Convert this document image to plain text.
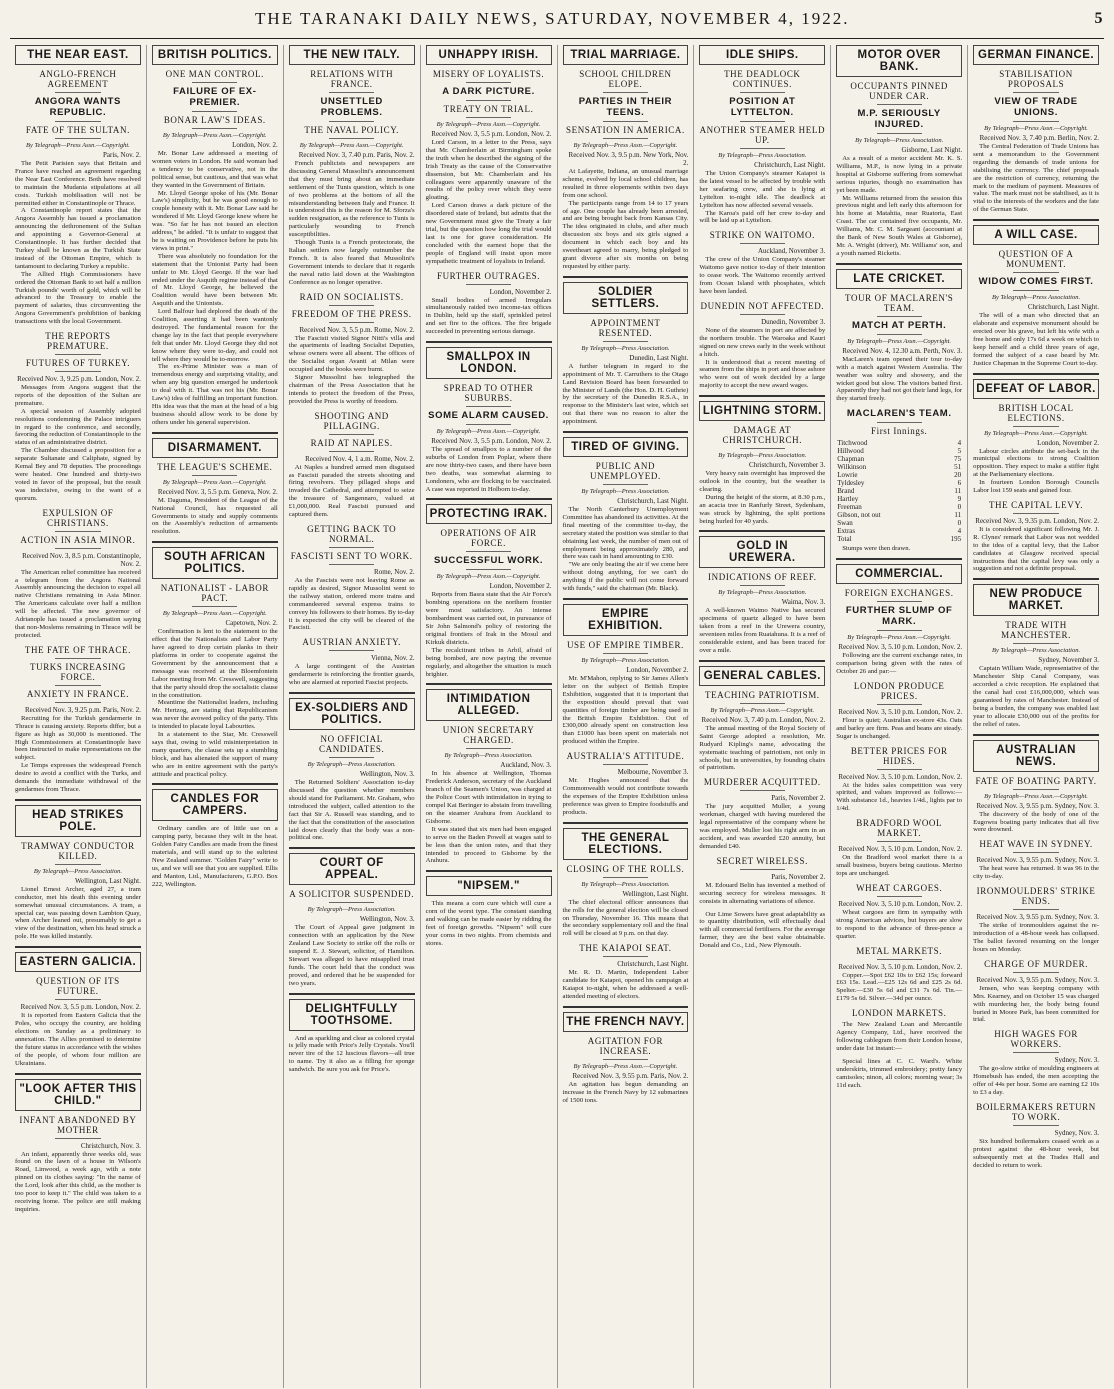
THE TARANAKI DAILY NEWS, SATURDAY, NOVEMBER 4, 1922.	5
THE NEAR EAST.
ANGLO-FRENCH AGREEMENT
ANGORA WANTS REPUBLIC.
FATE OF THE SULTAN.
By Telegraph—Press Assn.—Copyright.
Paris, Nov. 2.

The Petit Parisien says that Britain and France have reached an agreement regarding the Near East Conference. Both have resolved to maintain the Mudania stipulations at all costs. Turkish mobilisation will not be permitted either in Constantinople or Thrace.

A Constantinople report states that the Angora Assembly has issued a proclamation announcing the dethronement of the Sultan and appointing a Governor-General at Constantinople. It has further decided that Turkey shall be known as the Turkish State instead of the Ottoman Empire, which is tantamount to declaring Turkey a republic.

The Allied High Commissioners have ordered the Ottoman Bank to set half a million Turkish pounds' worth of gold, which will be advanced to the Treasury to enable the payment of salaries, thus circumventing the Angora Government's prohibition of banking transactions with the local Government.

THE REPORTS PREMATURE.
FUTURES OF TURKEY.
Received Nov. 3, 9.25 p.m. London, Nov. 2.

Messages from Angora suggest that the reports of the deposition of the Sultan are premature.

A special session of Assembly adopted resolutions condemning the Palace intriguers in regard to the conference, and secondly, favoring the reduction of Constantinople to the status of an administrative district.

The Chamber discussed a proposition for a separate Sultanate and Caliphate, signed by Kemal Bey and 78 deputies. The proceedings were heated. One hundred and thirty-two voted in favor of the proposal, but the result was indecisive, owing to the want of a quorum.

EXPULSION OF CHRISTIANS.
ACTION IN ASIA MINOR.
Received Nov. 3, 8.5 p.m. Constantinople, Nov. 2.

The American relief committee has received a telegram from the Angora National Assembly announcing the decision to expel all native Christians remaining in Asia Minor. The Americans calculate over half a million will be affected. The new governor of Adrianople has issued a proclamation saying that non-Moslems remaining in Thrace will be protected.

THE FATE OF THRACE.
TURKS INCREASING FORCE.
ANXIETY IN FRANCE.
Received Nov. 3, 9.25 p.m. Paris, Nov. 2.

Recruiting for the Turkish gendarmerie in Thrace is causing anxiety. Reports differ, but a figure as high as 30,000 is mentioned. The High Commissioners at Constantinople have been instructed to make representations on the subject.

Le Temps expresses the widespread French desire to avoid a conflict with the Turks, and demands the immediate withdrawal of the gendarmes from Thrace.

HEAD STRIKES POLE.
TRAMWAY CONDUCTOR KILLED.
By Telegraph—Press Association.
Wellington, Last Night.

Lionel Ernest Archer, aged 27, a tram conductor, met his death this evening under somewhat unusual circumstances. A tram, a special car, was passing down Lambton Quay, when Archer leaned out, presumably to get a view of the destination, when his head struck a pole. He was killed instantly.

EASTERN GALICIA.
QUESTION OF ITS FUTURE.
Received Nov. 3, 5.5 p.m. London, Nov. 2.

It is reported from Eastern Galicia that the Poles, who occupy the country, are holding elections on Sunday as a preliminary to annexation. The Allies promised to determine the future status in accordance with the wishes of the people, of whom four million are Ukrainians.

"LOOK AFTER THIS CHILD."
INFANT ABANDONED BY MOTHER
Christchurch, Nov. 3.

An infant, apparently three weeks old, was found on the lawn of a house in Wilson's Road, Linwood, a week ago, with a note pinned on its clothes saying: "In the name of the Lord, look after this child, as the mother is too poor to keep it." The child was taken to a receiving home. The police are still making inquiries.

BRITISH POLITICS.
ONE MAN CONTROL.
FAILURE OF EX-PREMIER.
BONAR LAW'S IDEAS.
By Telegraph—Press Assn.—Copyright.
London, Nov. 2.

Mr. Bonar Law addressed a meeting of women voters in London. He said woman had a tendency to be conservative, not in the political sense, but cautious, and that was what they wanted in the Government of Britain.

Mr. Lloyd George spoke of his (Mr. Bonar Law's) simplicity, but he was good enough to couple honesty with it. Mr. Bonar Law said he wondered if Mr. Lloyd George knew where he was. "So far he has not issued an election address," he added. "It is unfair to suggest that he is waiting on Providence before he puts his views in print."

There was absolutely no foundation for the statement that the Unionist Party had been unfair to Mr. Lloyd George. If the war had ended under the Asquith regime instead of that of Mr. Lloyd George, he believed the Coalition would have been between Mr. Asquith and the Unionists.

Lord Balfour had deplored the death of the Coalition, asserting it had been wantonly destroyed. The fundamental reason for the change lay in the fact that people everywhere felt that under Mr. Lloyd George they did not know where they were to-day, and could not tell where they would be to-morrow.

The ex-Prime Minister was a man of tremendous energy and surprising vitality, and when any big question emerged he undertook to deal with it. That was not his (Mr. Bonar Law's) idea of fulfilling an important function. His idea was that the man at the head of a big business should allow work to be done by others under his general supervision.

DISARMAMENT.
THE LEAGUE'S SCHEME.
By Telegraph—Press Assn.—Copyright.
Received Nov. 3, 5.5 p.m. Geneva, Nov. 2.

M. Daguma, President of the League of the National Council, has requested all Governments to study and supply comments on the Assembly's reduction of armaments resolution.

SOUTH AFRICAN POLITICS.
NATIONALIST - LABOR PACT.
By Telegraph—Press Assn.—Copyright.
Capetown, Nov. 2.

Confirmation is lent to the statement to the effect that the Nationalists and Labor Party have agreed to drop certain planks in their platforms in order to cooperate against the Government by the announcement that a message was received at the Bloemfontein Labor meeting from Mr. Cresswell, suggesting that the party should drop the socialistic clause in the constitution.

Meantime the Nationalist leaders, including Mr. Hertzog, are stating that Republicanism was never the avowed policy of the party. This is intended to placate loyal Labourites.

In a statement to the Star, Mr. Cresswell says that, owing to wild misinterpretation in many quarters, the clause sets up a stumbling block, and has alienated the support of many who are in entire agreement with the party's attitude and practical policy.

CANDLES FOR CAMPERS.

Ordinary candles are of little use on a camping party, because they wilt in the heat. Golden Fairy Candles are made from the finest materials, and will stand up to the sultriest New Zealand summer. "Golden Fairy" write to us, and we will see that you are supplied. Ellis and Manton, Ltd., Manufacturers, G.P.O. Box 222, Wellington.

THE NEW ITALY.
RELATIONS WITH FRANCE.
UNSETTLED PROBLEMS.
THE NAVAL POLICY.
By Telegraph—Press Assn.—Copyright.
Received Nov. 3, 7.40 p.m. Paris, Nov. 2.

French publicists and newspapers are discussing General Mussolini's announcement that they must bring about an immediate settlement of the Tunis question, which is one of two problems at the bottom of all the misunderstanding between Italy and France. It is understood this is the reason for M. Sforza's sudden resignation, as the reference to Tunis is particularly wounding to French susceptibilities.

Though Tunis is a French protectorate, the Italian settlers now largely outnumber the French. It is also feared that Mussolini's Government intends to declare that it regards the naval ratio laid down at the Washington Conference as no longer operative.

RAID ON SOCIALISTS.
FREEDOM OF THE PRESS.
Received Nov. 3, 5.5 p.m. Rome, Nov. 2.

The Fascisti visited Signor Nitti's villa and the apartments of leading Socialist Deputies, whose owners were all absent. The offices of the Socialist organ Avanti at Milan were occupied and the books were burnt.

Signor Mussolini has telegraphed the chairman of the Press Association that he intends to protect the freedom of the Press, provided the Press is worthy of freedom.

SHOOTING AND PILLAGING.
RAID AT NAPLES.
Received Nov. 4, 1 a.m. Rome, Nov. 2.

At Naples a hundred armed men disguised as Fascisti paraded the streets shooting and firing revolvers. They pillaged shops and invaded the Cathedral, and attempted to seize the treasure of Sangennaro, valued at £1,000,000. Real Fascisti pursued and captured them.

GETTING BACK TO NORMAL.
FASCISTI SENT TO WORK.
Rome, Nov. 2.

As the Fascists were not leaving Rome as rapidly as desired, Signor Mussolini went to the railway station, ordered more trains and commandeered several express trains to convey his followers to their homes. By to-day it is expected the city will be cleared of the Fascisti.

AUSTRIAN ANXIETY.
Vienna, Nov. 2.

A large contingent of the Austrian gendarmerie is reinforcing the frontier guards, who are alarmed at reported Fascist projects.

EX-SOLDIERS AND POLITICS.
NO OFFICIAL CANDIDATES.
By Telegraph—Press Association.
Wellington, Nov. 3.

The Returned Soldiers' Association to-day discussed the question whether members should stand for Parliament. Mr. Graham, who introduced the subject, called attention to the fact that Sir A. Russell was standing, and to the fact that the constitution of the association laid down clearly that the body was a non-political one.

COURT OF APPEAL.
A SOLICITOR SUSPENDED.
By Telegraph—Press Association.
Wellington, Nov. 3.

The Court of Appeal gave judgment in connection with an application by the New Zealand Law Society to strike off the rolls or suspend E. J. Stewart, solicitor, of Hamilton. Stewart was alleged to have misapplied trust funds. The court held that the conduct was proved, and ordered that he be suspended for two years.

DELIGHTFULLY TOOTHSOME.

And as sparkling and clear as colored crystal is jelly made with Price's Jelly Crystals. You'll never tire of the 12 luscious flavors—all true to name. Try it also as a filling for sponge sandwich. Be sure you ask for Price's.

UNHAPPY IRISH.
MISERY OF LOYALISTS.
A DARK PICTURE.
TREATY ON TRIAL.
By Telegraph—Press Assn.—Copyright.
Received Nov. 3, 5.5 p.m. London, Nov. 2.

Lord Carson, in a letter to the Press, says that Mr. Chamberlain at Birmingham spoke the truth when he described the signing of the Irish Treaty as the cause of the Conservative dissension, but Mr. Chamberlain and his colleagues were apparently unaware of the results of the policy over which they were gloating.

Lord Carson draws a dark picture of the disordered state of Ireland, but admits that the new Government must give the Treaty a fair trial, but the question how long the trial would last is one for grave consideration. He concluded with the earnest hope that the people of England will insist upon more sympathetic treatment of loyalists in Ireland.

FURTHER OUTRAGES.
London, November 2.

Small bodies of armed Irregulars simultaneously raided two income-tax offices in Dublin, held up the staff, sprinkled petrol and set fire to the offices. The fire brigade succeeded in preventing serious damage.

SMALLPOX IN LONDON.
SPREAD TO OTHER SUBURBS.
SOME ALARM CAUSED.
By Telegraph—Press Assn.—Copyright.
Received Nov. 3, 5.5 p.m. London, Nov. 2.

The spread of smallpox to a number of the suburbs of London from Poplar, where there are now thirty-two cases, and there have been two deaths, was somewhat alarming to Londoners, who are flocking to be vaccinated. A case was reported in Holborn to-day.

PROTECTING IRAK.
OPERATIONS OF AIR FORCE.
SUCCESSFUL WORK.
By Telegraph—Press Assn.—Copyright.
London, November 2.

Reports from Basra state that the Air Force's bombing operations on the northern frontier were most satisfactory. An intense bombardment was carried out, in pursuance of Sir John Salmond's policy of restoring the original frontiers of Irak in the Mosul and Kirkuk districts.

The recalcitrant tribes in Arbil, afraid of being bombed, are now paying the revenue regularly, and altogether the situation is much brighter.

INTIMIDATION ALLEGED.
UNION SECRETARY CHARGED.
By Telegraph—Press Association.
Auckland, Nov. 3.

In his absence at Wellington, Thomas Frederick Anderson, secretary of the Auckland branch of the Seamen's Union, was charged at the Police Court with intimidation in trying to compel Kai Beringer to abstain from travelling on the steamer Arahura from Auckland to Gisborne.

It was stated that six men had been engaged to serve on the Baden Powell at wages said to be less than the union rates, and that they intended to proceed to Gisborne by the Arahura.

"NIPSEM."

This means a corn cure which will cure a corn of the worst type. The constant standing and walking can be made easier by ridding the feet of foreign growths. "Nipsem" will cure your corns in two nights. From chemists and stores.

TRIAL MARRIAGE.
SCHOOL CHILDREN ELOPE.
PARTIES IN THEIR TEENS.
SENSATION IN AMERICA.
By Telegraph—Press Assn.—Copyright.
Received Nov. 3, 9.5 p.m. New York, Nov. 2.

At Lafayette, Indiana, an unusual marriage scheme, evolved by local school children, has resulted in three elopements within two days from one school.

The participants range from 14 to 17 years of age. One couple has already been arrested, and are being brought back from Kansas City. The idea originated in clubs, and after much discussion six boys and six girls signed a document in which each boy and his sweetheart agreed to marry, being pledged to grant divorce after six months on being requested by either party.

SOLDIER SETTLERS.
APPOINTMENT RESENTED.
By Telegraph—Press Association.
Dunedin, Last Night.

A further telegram in regard to the appointment of Mr. T. Carruthers to the Otago Land Revision Board has been forwarded to the Minister of Lands (the Hon. D. H. Guthrie) by the secretary of the Dunedin R.S.A., in response to the Minister's last wire, which set out that there was no reason to alter the appointment.

TIRED OF GIVING.
PUBLIC AND UNEMPLOYED.
By Telegraph—Press Association.
Christchurch, Last Night.

The North Canterbury Unemployment Committee has abandoned its activities. At the final meeting of the committee to-day, the secretary stated the position was similar to that obtaining last week, the number of men out of employment being approximately 280, and there was cash in hand amounting to £30.

"We are only beating the air if we come here without doing anything, for we can't do anything if the public will not come forward with funds," said the chairman (Mr. Black).

EMPIRE EXHIBITION.
USE OF EMPIRE TIMBER.
By Telegraph—Press Association.
London, November 2.

Mr. M'Mahon, replying to Sir James Allen's letter on the subject of British Empire Exhibition, suggested that it is important that the exposition should prevail that vast quantities of foreign timber are being used in the British Empire Exhibition. Out of £300,000 already spent on construction less than £1000 has been spent on materials not produced within the Empire.

AUSTRALIA'S ATTITUDE.
Melbourne, November 3.

Mr. Hughes announced that the Commonwealth would not contribute towards the expenses of the Empire Exhibition unless preference was given to Empire foodstuffs and products.

THE GENERAL ELECTIONS.
CLOSING OF THE ROLLS.
By Telegraph—Press Association.
Wellington, Last Night.

The chief electoral officer announces that the rolls for the general election will be closed on Thursday, November 16. This means that the secondary supplementary roll and the final roll will be closed at 9 p.m. on that day.

THE KAIAPOI SEAT.
Christchurch, Last Night.

Mr. R. D. Martin, Independent Labor candidate for Kaiapoi, opened his campaign at Kaiapoi to-night, when he addressed a well-attended meeting of electors.

THE FRENCH NAVY.
AGITATION FOR INCREASE.
By Telegraph—Press Assn.—Copyright.
Received Nov. 3, 9.55 p.m. Paris, Nov. 2.

An agitation has begun demanding an increase in the French Navy by 12 submarines of 1500 tons.

IDLE SHIPS.
THE DEADLOCK CONTINUES.
POSITION AT LYTTELTON.
ANOTHER STEAMER HELD UP.
By Telegraph—Press Association.
Christchurch, Last Night.

The Union Company's steamer Kaiapoi is the latest vessel to be affected by trouble with her seafaring crew, and she is lying at Lyttelton to-night idle. The deadlock at Lyttelton has now affected several vessels.

The Karoa's paid off her crew to-day and will be laid up at Lyttelton.

STRIKE ON WAITOMO.
Auckland, November 3.

The crew of the Union Company's steamer Waitomo gave notice to-day of their intention to cease work. The Waitomo recently arrived from Ocean Island with phosphates, which have been landed.

DUNEDIN NOT AFFECTED.
Dunedin, November 3.

None of the steamers in port are affected by the northern trouble. The Waroaka and Kauri signed on new crews early in the week without a hitch.

It is understood that a recent meeting of seamen from the ships in port and those ashore who were out of work decided by a large majority to accept the new award wages.

LIGHTNING STORM.
DAMAGE AT CHRISTCHURCH.
By Telegraph—Press Association.
Christchurch, November 3.

Very heavy rain overnight has improved the outlook in the country, but the weather is clearing.

During the height of the storm, at 8.30 p.m., an acacia tree in Ranfurly Street, Sydenham, was struck by lightning, the split portions being hurled for 40 yards.

GOLD IN UREWERA.
INDICATIONS OF REEF.
By Telegraph—Press Association.
Waima, Nov. 3.

A well-known Waimo Native has secured specimens of quartz alleged to have been taken from a reef in the Urewera country, seventeen miles from Ruatahuna. It is a reef of considerable extent, and has been traced for over a mile.

GENERAL CABLES.
TEACHING PATRIOTISM.
By Telegraph—Press Assn.—Copyright.
Received Nov. 3, 7.40 p.m. London, Nov. 2.

The annual meeting of the Royal Society of Saint George adopted a resolution, Mr. Rudyard Kipling's name, advocating the systematic teaching of patriotism, not only in schools, but in universities, by founding chairs of patriotism.

MURDERER ACQUITTED.
Paris, November 2.

The jury acquitted Muller, a young workman, charged with having murdered the legal representative of the company where he was employed. Muller lost his right arm in an accident, and was awarded £20 annuity, but demanded £40.

SECRET WIRELESS.
Paris, November 2.

M. Edouard Belin has invented a method of securing secrecy for wireless messages. It consists in alternating variations of silence.

Our Lime Sowers have great adaptability as to quantity distribution, will effectually deal with all commercial fertilisers. For the average farmer, they are the best value obtainable. Donald and Co., Ltd., New Plymouth.

MOTOR OVER BANK.
OCCUPANTS PINNED UNDER CAR.
M.P. SERIOUSLY INJURED.
By Telegraph—Press Association.
Gisborne, Last Night.

As a result of a motor accident Mr. K. S. Williams, M.P., is now lying in a private hospital at Gisborne suffering from somewhat serious injuries, though no examination has yet been made.

Mr. Williams returned from the session this previous night and left early this afternoon for his home at Matahiia, near Ruatoria, East Coast. The car contained five occupants, Mr. Williams, Mr. C. M. Sargeant (accountant at the Bank of New South Wales at Gisborne), Mr. A. Wright (driver), Mr. Williams' son, and a youth named Ricketts.

LATE CRICKET.
TOUR OF MACLAREN'S TEAM.
MATCH AT PERTH.
By Telegraph—Press Assn.—Copyright.
Received Nov. 4, 12.30 a.m. Perth, Nov. 3.

MacLaren's team opened their tour to-day with a match against Western Australia. The weather was sultry and showery, and the wicket good but slow. The visitors batted first. Apparently they had not got their land legs, for they started freely.

MACLAREN'S TEAM.
First Innings.
Titchwood	4
Hillwood	5
Chapman	75
Wilkinson	51
Lowrie	20
Tyldesley	6
Brand	11
Hartley	9
Freeman	0
Gibson, not out	11
Swan	0
Extras	4
Total	195

Stumps were then drawn.

COMMERCIAL.
FOREIGN EXCHANGES.
FURTHER SLUMP OF MARK.
By Telegraph—Press Assn.—Copyright.
Received Nov. 3, 5.10 p.m. London, Nov. 2.

Following are the current exchange rates, in comparison being given with the rates of October 26 and par:—

LONDON PRODUCE PRICES.
Received Nov. 3, 5.10 p.m. London, Nov. 2.

Flour is quiet; Australian ex-store 43s. Oats and barley are firm. Peas and beans are steady. Sugar is unchanged.

BETTER PRICES FOR HIDES.
Received Nov. 3, 5.10 p.m. London, Nov. 2.

At the hides sales competition was very spirited, and values improved as follows:— With substance 1d., heavies 1/4d., lights par to 1/4d.

BRADFORD WOOL MARKET.
Received Nov. 3, 5.10 p.m. London, Nov. 2.

On the Bradford wool market there is a small business, buyers being cautious. Merino tops are unchanged.

WHEAT CARGOES.
Received Nov. 3, 5.10 p.m. London, Nov. 2.

Wheat cargoes are firm in sympathy with strong American advices, but buyers are slow to respond to the advance of three-pence a quarter.

METAL MARKETS.
Received Nov. 3, 5.10 p.m. London, Nov. 2.

Copper.—Spot £62 10s to £62 15s; forward £63 15s. Lead.—£25 12s 6d and £25 2s 6d. Spelter.—£30 5s 6d and £31 7s 6d. Tin.—£179 5s 6d. Silver.—34d per ounce.

LONDON MARKETS.

The New Zealand Loan and Mercantile Agency Company, Ltd., have received the following cablegram from their London house, under date 1st instant:—

Special lines at C. C. Ward's. White underskirts, trimmed embroidery; pretty fancy camisoles; ninon, all colors; morning wear; 3s 11d each.

GERMAN FINANCE.
STABILISATION PROPOSALS
VIEW OF TRADE UNIONS.
By Telegraph—Press Assn.—Copyright.
Received Nov. 3, 7.40 p.m. Berlin, Nov. 2.

The Central Federation of Trade Unions has sent a memorandum to the Government regarding the demands of trade unions for stabilising the currency. The chief proposals are the restriction of currency, returning the mark to the medium of payment. Measures of value. The mark must not be stabilised, as it is vital to the interests of the workers and the fate of the German State.

A WILL CASE.
QUESTION OF A MONUMENT.
WIDOW COMES FIRST.
By Telegraph—Press Association.
Christchurch, Last Night.

The will of a man who directed that an elaborate and expensive monument should be erected over his grave, but left his wife with a free home and only 17s 6d a week on which to keep herself and a child three years of age, formed the subject of a case heard by Mr. Justice Chapman in the Supreme Court to-day.

DEFEAT OF LABOR.
BRITISH LOCAL ELECTIONS.
By Telegraph—Press Assn.—Copyright.
London, November 2.

Labour circles attribute the set-back in the municipal elections to strong Coalition opposition. They expect to make a stiffer fight at the Parliamentary elections.

In fourteen London Borough Councils Labor lost 159 seats and gained four.

THE CAPITAL LEVY.
Received Nov. 3, 9.35 p.m. London, Nov. 2.

It is considered significant following Mr. J. R. Clynes' remark that Labor was not wedded to the idea of a capital levy, that the Labor candidates at Glasgow received special instructions that the capital levy was only a suggestion and not a definite proposal.

NEW PRODUCE MARKET.
TRADE WITH MANCHESTER.
By Telegraph—Press Association.
Sydney, November 3.

Captain William Wade, representative of the Manchester Ship Canal Company, was accorded a civic reception. He explained that the canal had cost £16,000,000, which was guaranteed by rates of Manchester. Instead of being a burden, the company was enabled last year to allocate £30,000 out of the profits for the relief of rates.

AUSTRALIAN NEWS.
FATE OF BOATING PARTY.
By Telegraph—Press Assn.—Copyright.
Received Nov. 3, 9.55 p.m. Sydney, Nov. 3.

The discovery of the body of one of the Eugowra boating party indicates that all five were drowned.

HEAT WAVE IN SYDNEY.
Received Nov. 3, 9.55 p.m. Sydney, Nov. 3.

The heat wave has returned. It was 96 in the city to-day.

IRONMOULDERS' STRIKE ENDS.
Received Nov. 3, 9.55 p.m. Sydney, Nov. 3.

The strike of ironmoulders against the re-introduction of a 48-hour week has collapsed. The ballot favored resuming on the longer hours on Monday.

CHARGE OF MURDER.
Received Nov. 3, 9.55 p.m. Sydney, Nov. 3.

Jensen, who was keeping company with Mrs. Kearney, and on October 15 was charged with murdering her, the body being found buried in Moore Park, has been committed for trial.

HIGH WAGES FOR WORKERS.
Sydney, Nov. 3.

The go-slow strike of moulding engineers at Homebush has ended, the men accepting the offer of 44s per hour. Some are earning £2 10s to £3 a day.

BOILERMAKERS RETURN TO WORK.
Sydney, Nov. 3.

Six hundred boilermakers ceased work as a protest against the 48-hour week, but subsequently met at the Trades Hall and decided to return to work.
